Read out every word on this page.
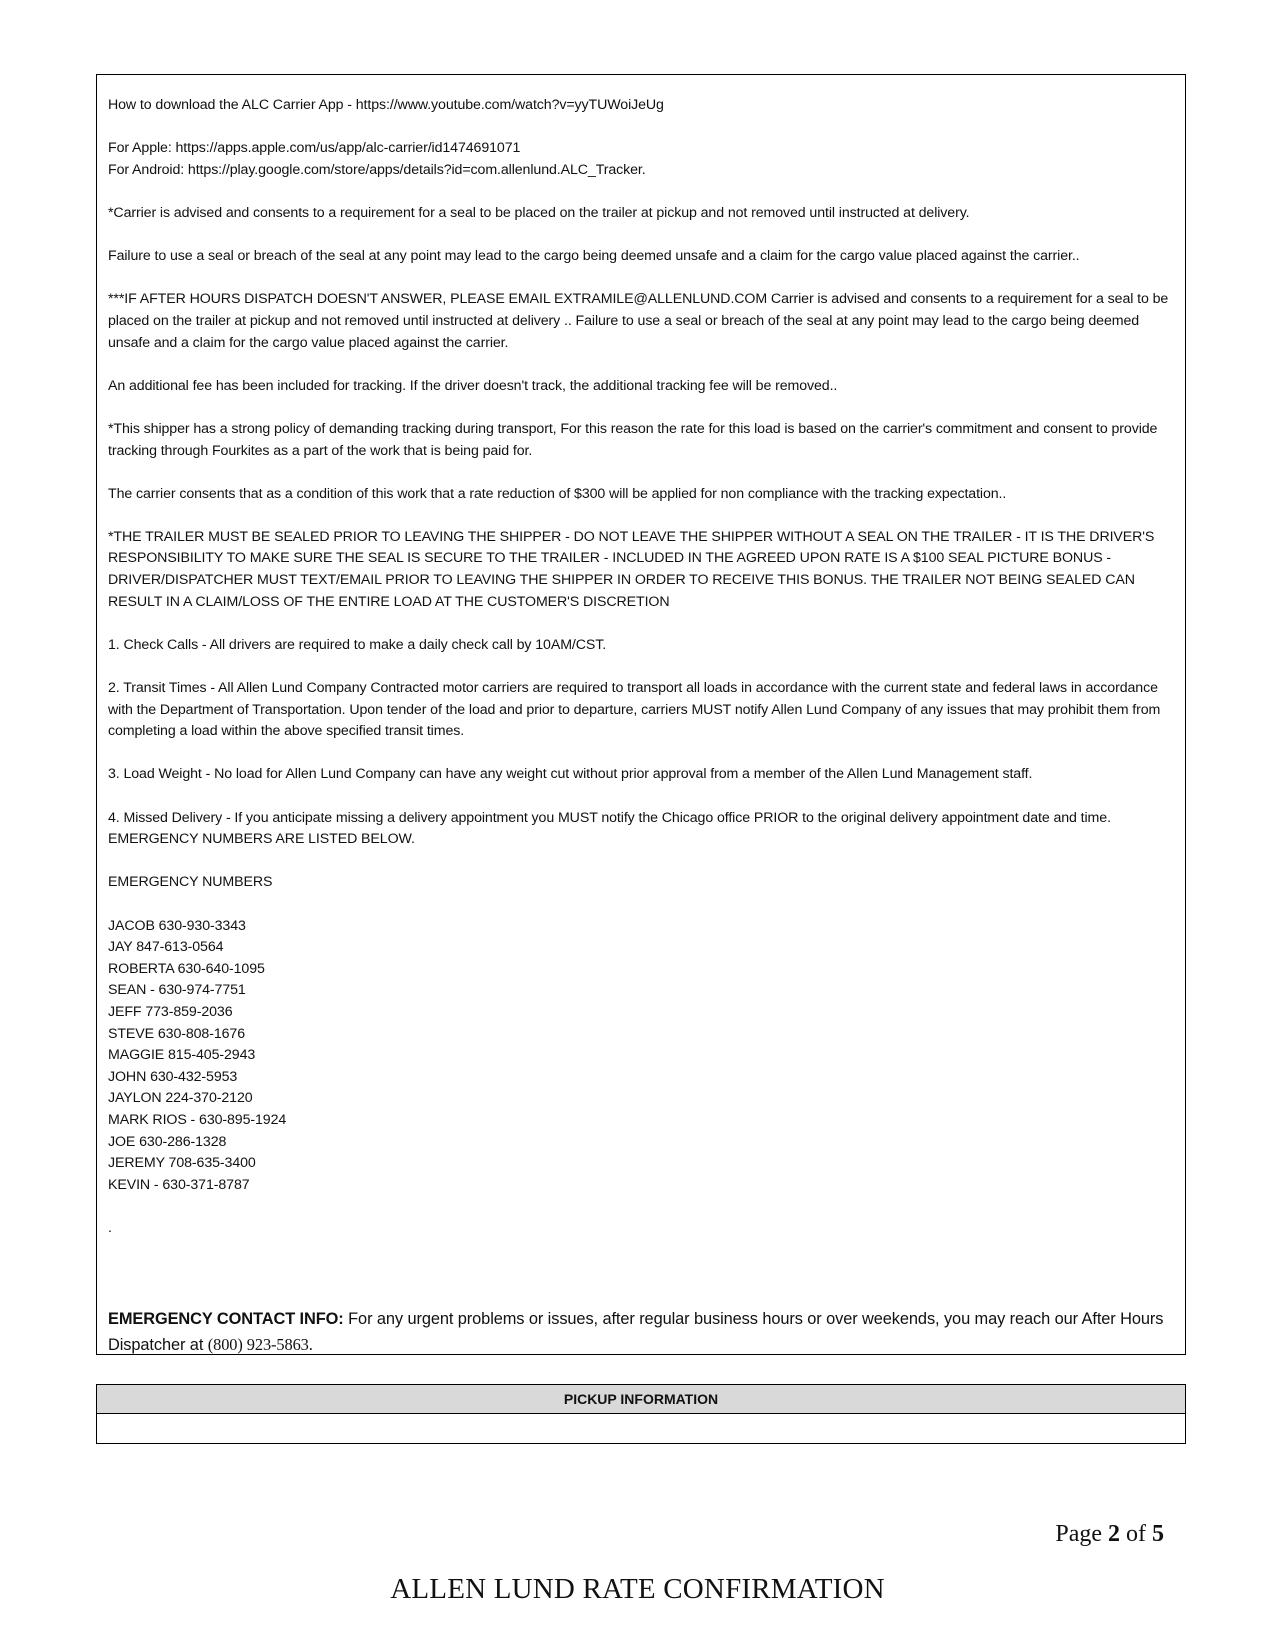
How to download the ALC Carrier App - https://www.youtube.com/watch?v=yyTUWoiJeUg

For Apple: https://apps.apple.com/us/app/alc-carrier/id1474691071

For Android: https://play.google.com/store/apps/details?id=com.allenlund.ALC_Tracker.

*Carrier is advised and consents to a requirement for a seal to be placed on the trailer at pickup and not removed until instructed at delivery.

Failure to use a seal or breach of the seal at any point may lead to the cargo being deemed unsafe and a claim for the cargo value placed against the carrier..

***IF AFTER HOURS DISPATCH DOESN'T ANSWER, PLEASE EMAIL EXTRAMILE@ALLENLUND.COM Carrier is advised and consents to a requirement for a seal to be placed on the trailer at pickup and not removed until instructed at delivery .. Failure to use a seal or breach of the seal at any point may lead to the cargo being deemed unsafe and a claim for the cargo value placed against the carrier.

An additional fee has been included for tracking. If the driver doesn't track, the additional tracking fee will be removed..

*This shipper has a strong policy of demanding tracking during transport, For this reason the rate for this load is based on the carrier's commitment and consent to provide tracking through Fourkites as a part of the work that is being paid for.

The carrier consents that as a condition of this work that a rate reduction of $300 will be applied for non compliance with the tracking expectation..

*THE TRAILER MUST BE SEALED PRIOR TO LEAVING THE SHIPPER - DO NOT LEAVE THE SHIPPER WITHOUT A SEAL ON THE TRAILER - IT IS THE DRIVER'S RESPONSIBILITY TO MAKE SURE THE SEAL IS SECURE TO THE TRAILER - INCLUDED IN THE AGREED UPON RATE IS A $100 SEAL PICTURE BONUS - DRIVER/DISPATCHER MUST TEXT/EMAIL PRIOR TO LEAVING THE SHIPPER IN ORDER TO RECEIVE THIS BONUS. THE TRAILER NOT BEING SEALED CAN RESULT IN A CLAIM/LOSS OF THE ENTIRE LOAD AT THE CUSTOMER'S DISCRETION

1. Check Calls - All drivers are required to make a daily check call by 10AM/CST.

2. Transit Times - All Allen Lund Company Contracted motor carriers are required to transport all loads in accordance with the current state and federal laws in accordance with the Department of Transportation. Upon tender of the load and prior to departure, carriers MUST notify Allen Lund Company of any issues that may prohibit them from completing a load within the above specified transit times.

3. Load Weight - No load for Allen Lund Company can have any weight cut without prior approval from a member of the Allen Lund Management staff.

4. Missed Delivery - If you anticipate missing a delivery appointment you MUST notify the Chicago office PRIOR to the original delivery appointment date and time. EMERGENCY NUMBERS ARE LISTED BELOW.

EMERGENCY NUMBERS

JACOB 630-930-3343
JAY 847-613-0564
ROBERTA 630-640-1095
SEAN - 630-974-7751
JEFF 773-859-2036
STEVE 630-808-1676
MAGGIE 815-405-2943
JOHN 630-432-5953
JAYLON 224-370-2120
MARK RIOS - 630-895-1924
JOE 630-286-1328
JEREMY 708-635-3400
KEVIN - 630-371-8787

.

EMERGENCY CONTACT INFO: For any urgent problems or issues, after regular business hours or over weekends, you may reach our After Hours Dispatcher at (800) 923-5863.
PICKUP INFORMATION
Page 2 of 5
ALLEN LUND RATE CONFIRMATION
